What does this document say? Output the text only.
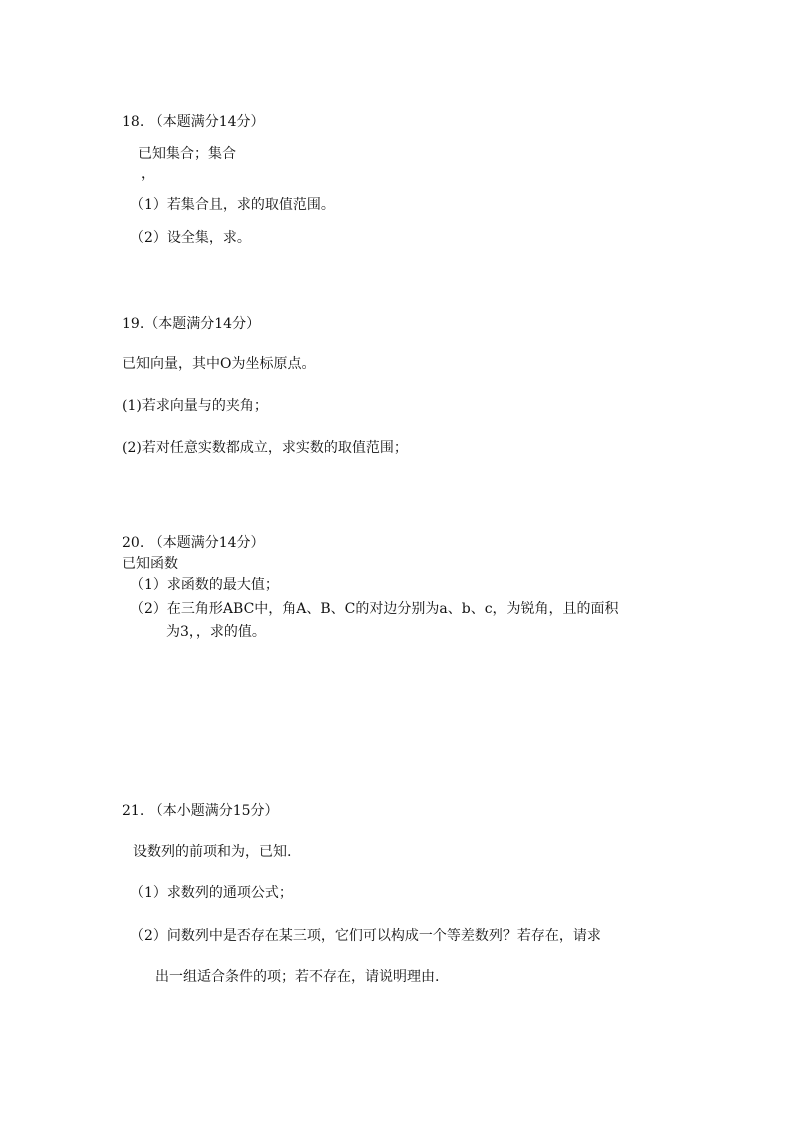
18. （本题满分14分）
已知集合；集合
，
（1）若集合且，求的取值范围。
（2）设全集，求。
19.（本题满分14分）
已知向量，其中O为坐标原点。
(1)若求向量与的夹角；
(2)若对任意实数都成立，求实数的取值范围；
20. （本题满分14分）
已知函数
（1）求函数的最大值；
（2）在三角形ABC中，角A、B、C的对边分别为a、b、c，为锐角，且的面积
为3，，求的值。
21. （本小题满分15分）
设数列的前项和为，已知.
（1）求数列的通项公式；
（2）问数列中是否存在某三项，它们可以构成一个等差数列？若存在，请求
出一组适合条件的项；若不存在，请说明理由.
